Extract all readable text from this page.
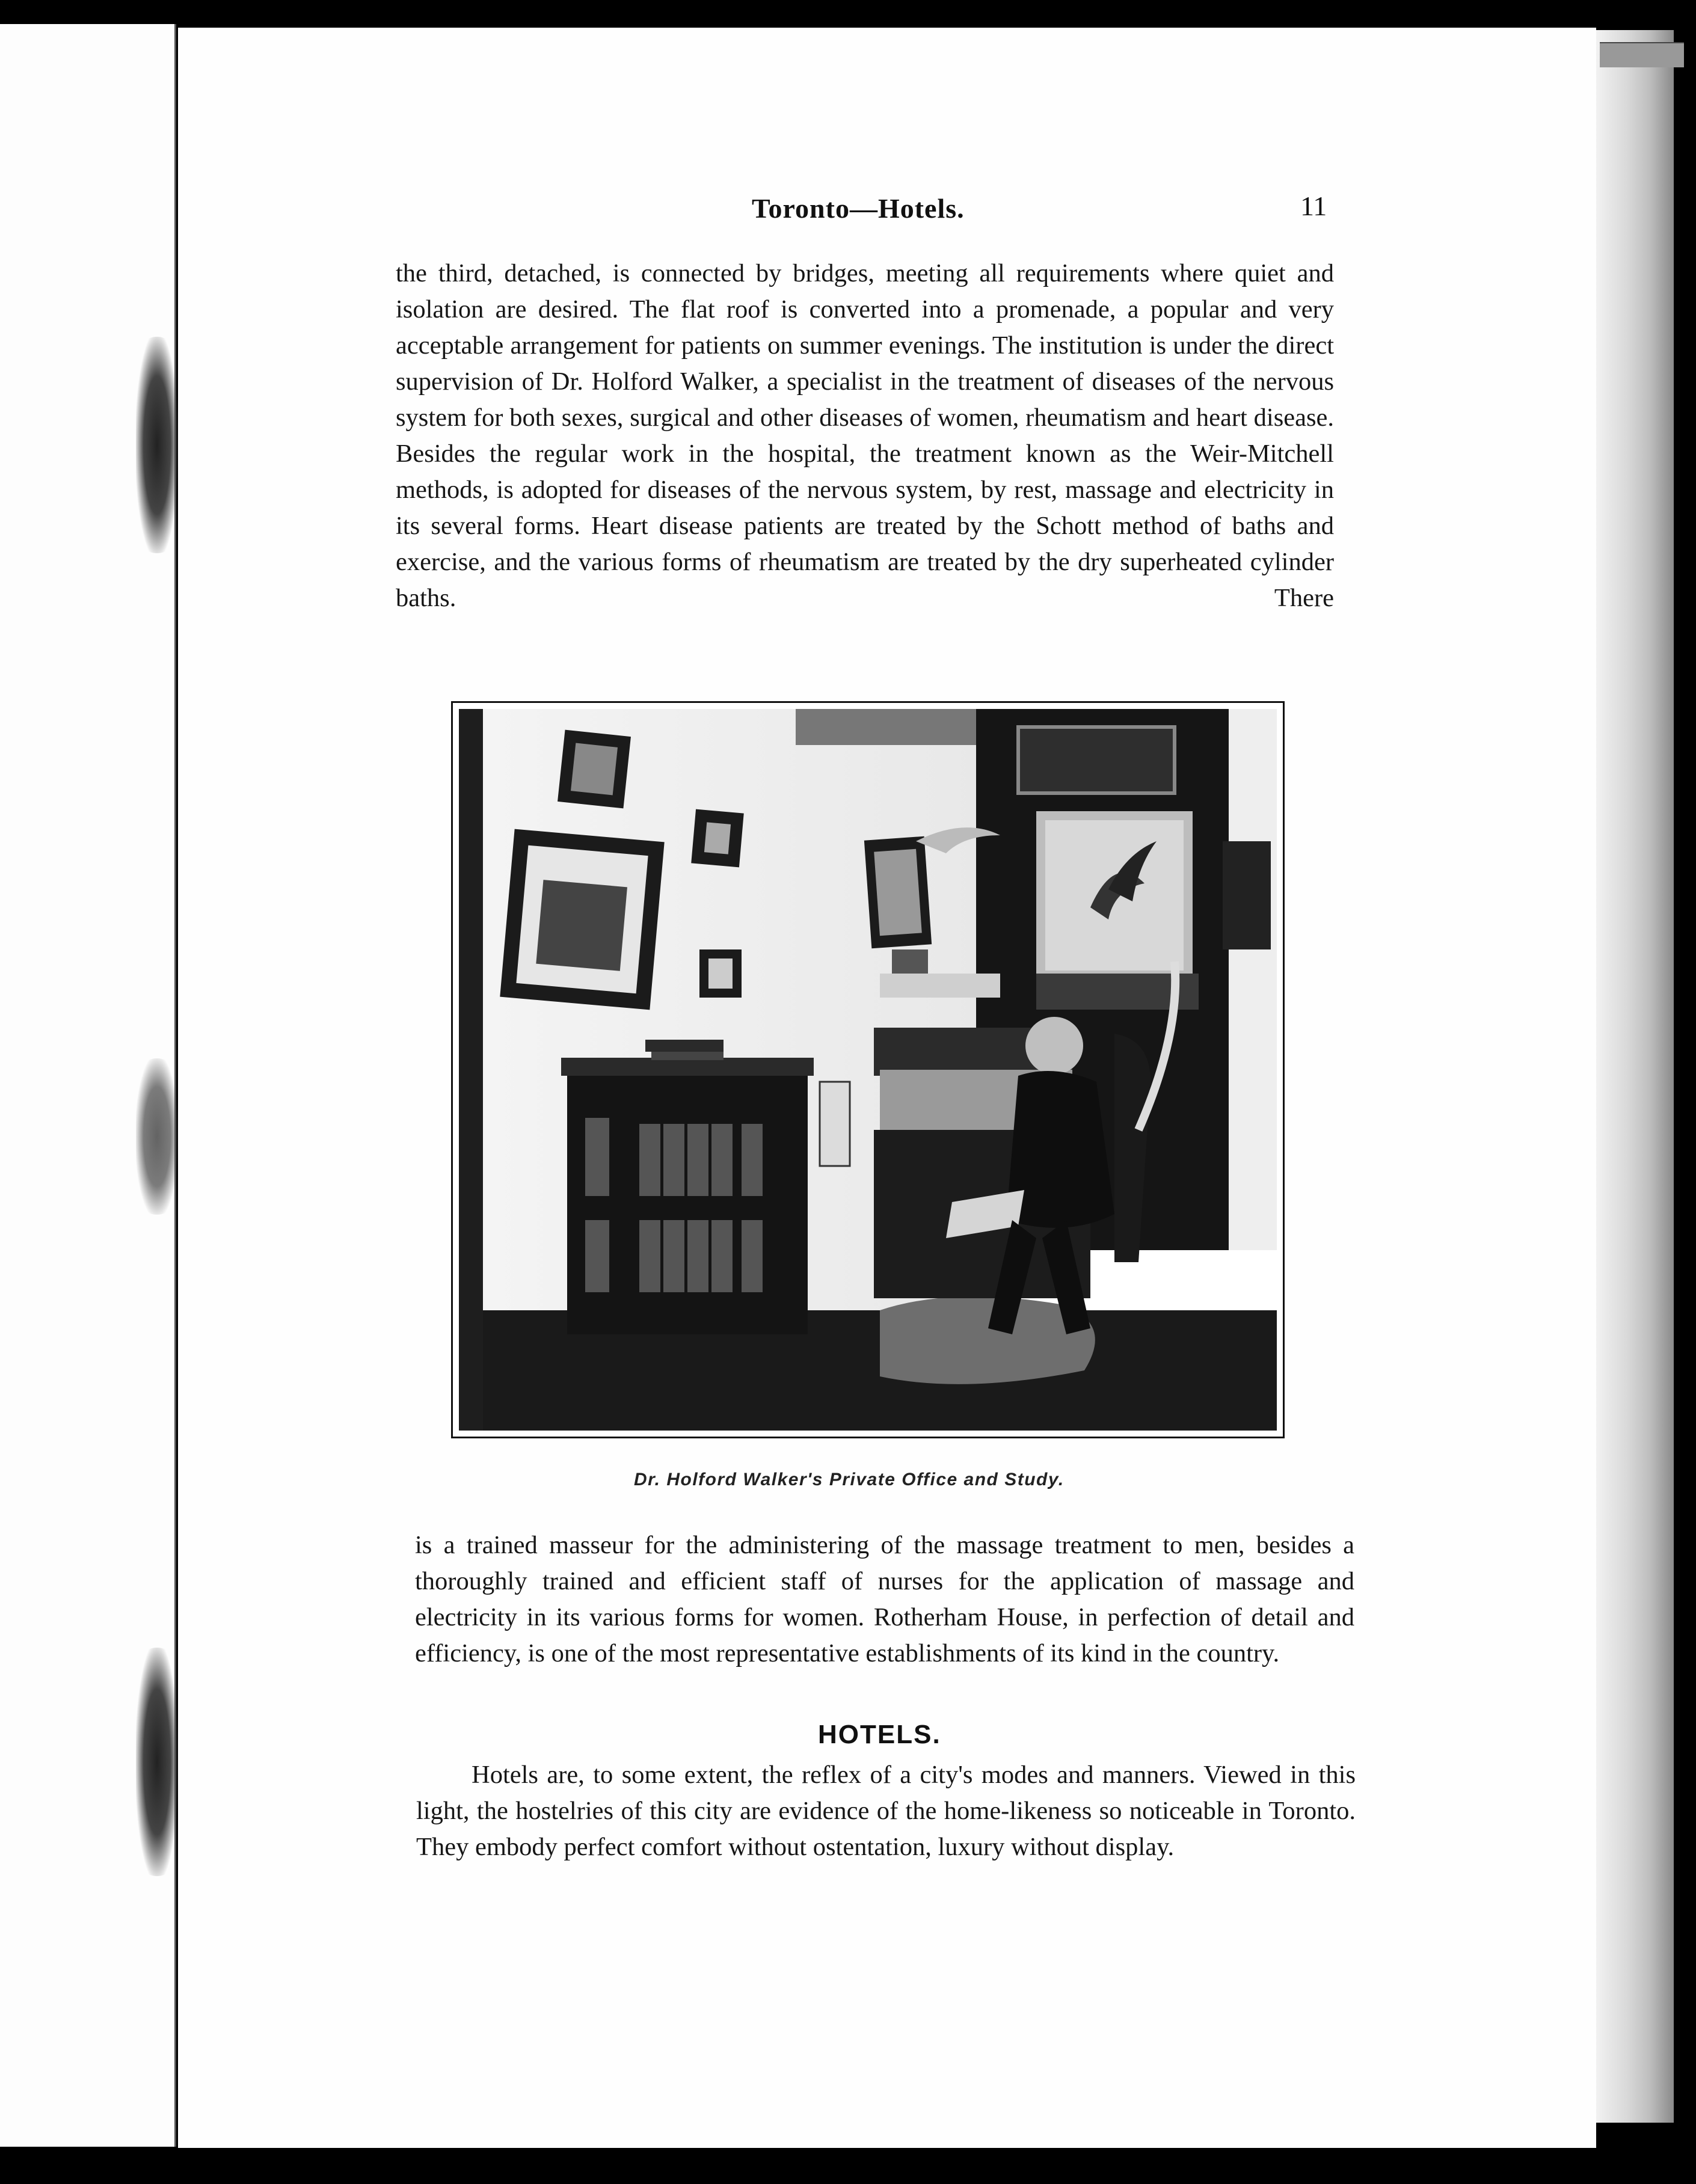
Toronto—Hotels.	11

the third, detached, is connected by bridges, meeting all requirements where quiet and isolation are desired. The flat roof is converted into a promenade, a popular and very acceptable arrangement for patients on summer evenings. The institution is under the direct supervision of Dr. Holford Walker, a specialist in the treatment of diseases of the nervous system for both sexes, surgical and other diseases of women, rheumatism and heart disease. Besides the regular work in the hospital, the treatment known as the Weir-Mitchell methods, is adopted for diseases of the nervous system, by rest, massage and electricity in its several forms. Heart disease patients are treated by the Schott method of baths and exercise, and the various forms of rheumatism are treated by the dry superheated cylinder baths. There

Dr. Holford Walker's Private Office and Study.

is a trained masseur for the administering of the massage treatment to men, besides a thoroughly trained and efficient staff of nurses for the application of massage and electricity in its various forms for women. Rotherham House, in perfection of detail and efficiency, is one of the most representative establishments of its kind in the country.

HOTELS.

Hotels are, to some extent, the reflex of a city's modes and manners. Viewed in this light, the hostelries of this city are evidence of the home-likeness so noticeable in Toronto. They embody perfect comfort without ostentation, luxury without display.
